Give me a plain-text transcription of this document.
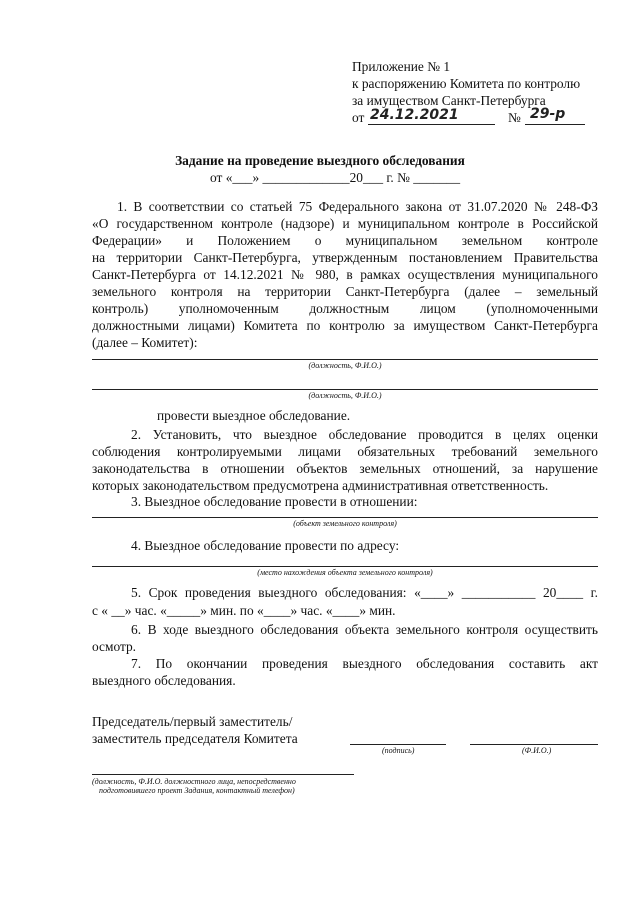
Приложение № 1
к распоряжению Комитета по контролю
за имуществом Санкт-Петербурга
от 24.12.2021	№ 29-р
Задание на проведение выездного обследования
от «___» _____________20___ г. № _______
1. В соответствии со статьей 75 Федерального закона от 31.07.2020 № 248-ФЗ
«О государственном контроле (надзоре) и муниципальном контроле в Российской
Федерации» и Положением о муниципальном земельном контроле
на территории Санкт-Петербурга, утвержденным постановлением Правительства
Санкт-Петербурга от 14.12.2021 № 980, в рамках осуществления муниципального
земельного контроля на территории Санкт-Петербурга (далее – земельный
контроль) уполномоченным должностным лицом (уполномоченными
должностными лицами) Комитета по контролю за имуществом Санкт-Петербурга
(далее – Комитет):
(должность, Ф.И.О.)
(должность, Ф.И.О.)
провести выездное обследование.
2. Установить, что выездное обследование проводится в целях оценки
соблюдения контролируемыми лицами обязательных требований земельного
законодательства в отношении объектов земельных отношений, за нарушение
которых законодательством предусмотрена административная ответственность.
3. Выездное обследование провести в отношении:
(объект земельного контроля)
4. Выездное обследование провести по адресу:
(место нахождения объекта земельного контроля)
5. Срок проведения выездного обследования: «____» ___________ 20____ г.
с « __» час. «_____» мин. по «____» час. «____» мин.
6. В ходе выездного обследования объекта земельного контроля осуществить
осмотр.
7. По окончании проведения выездного обследования составить акт
выездного обследования.
Председатель/первый заместитель/
заместитель председателя Комитета
(подпись)	(Ф.И.О.)
(должность, Ф.И.О. должностного лица, непосредственно
подготовившего проект Задания, контактный телефон)
